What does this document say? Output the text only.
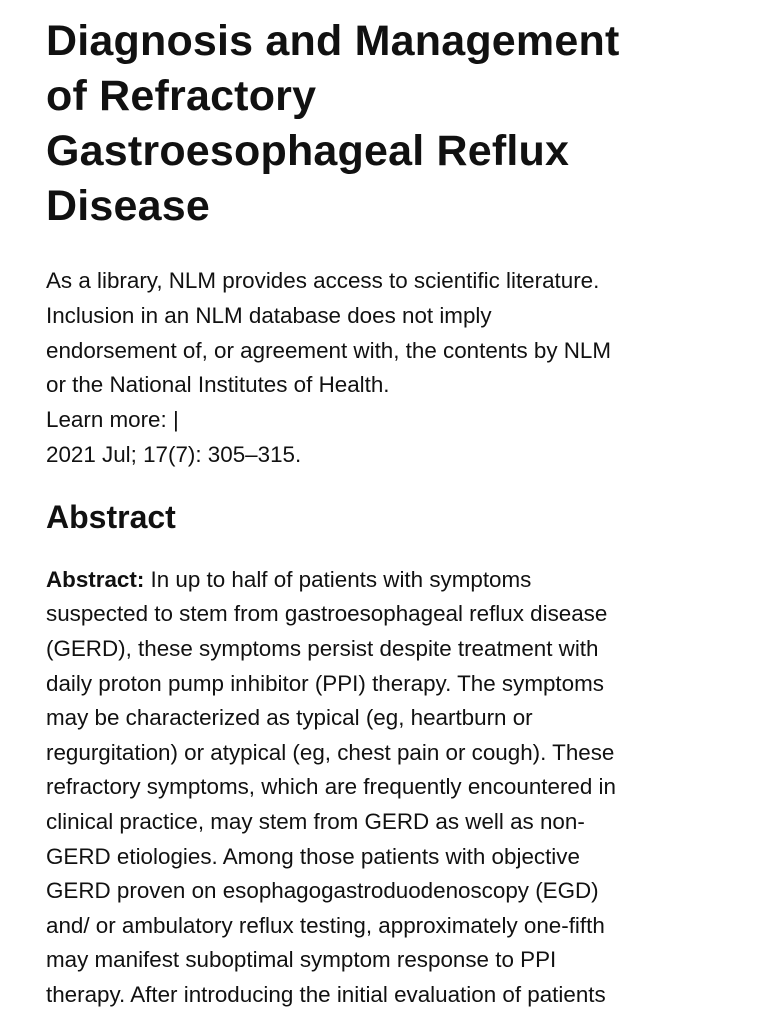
Diagnosis and Management
of Refractory
Gastroesophageal Reflux
Disease
As a library, NLM provides access to scientific literature.
Inclusion in an NLM database does not imply
endorsement of, or agreement with, the contents by NLM
or the National Institutes of Health.
Learn more: |
2021 Jul; 17(7): 305–315.
Abstract
Abstract: In up to half of patients with symptoms
suspected to stem from gastroesophageal reflux disease
(GERD), these symptoms persist despite treatment with
daily proton pump inhibitor (PPI) therapy. The symptoms
may be characterized as typical (eg, heartburn or
regurgitation) or atypical (eg, chest pain or cough). These
refractory symptoms, which are frequently encountered in
clinical practice, may stem from GERD as well as non-
GERD etiologies. Among those patients with objective
GERD proven on esophagogastroduodenoscopy (EGD)
and/ or ambulatory reflux testing, approximately one-fifth
may manifest suboptimal symptom response to PPI
therapy. After introducing the initial evaluation of patients
